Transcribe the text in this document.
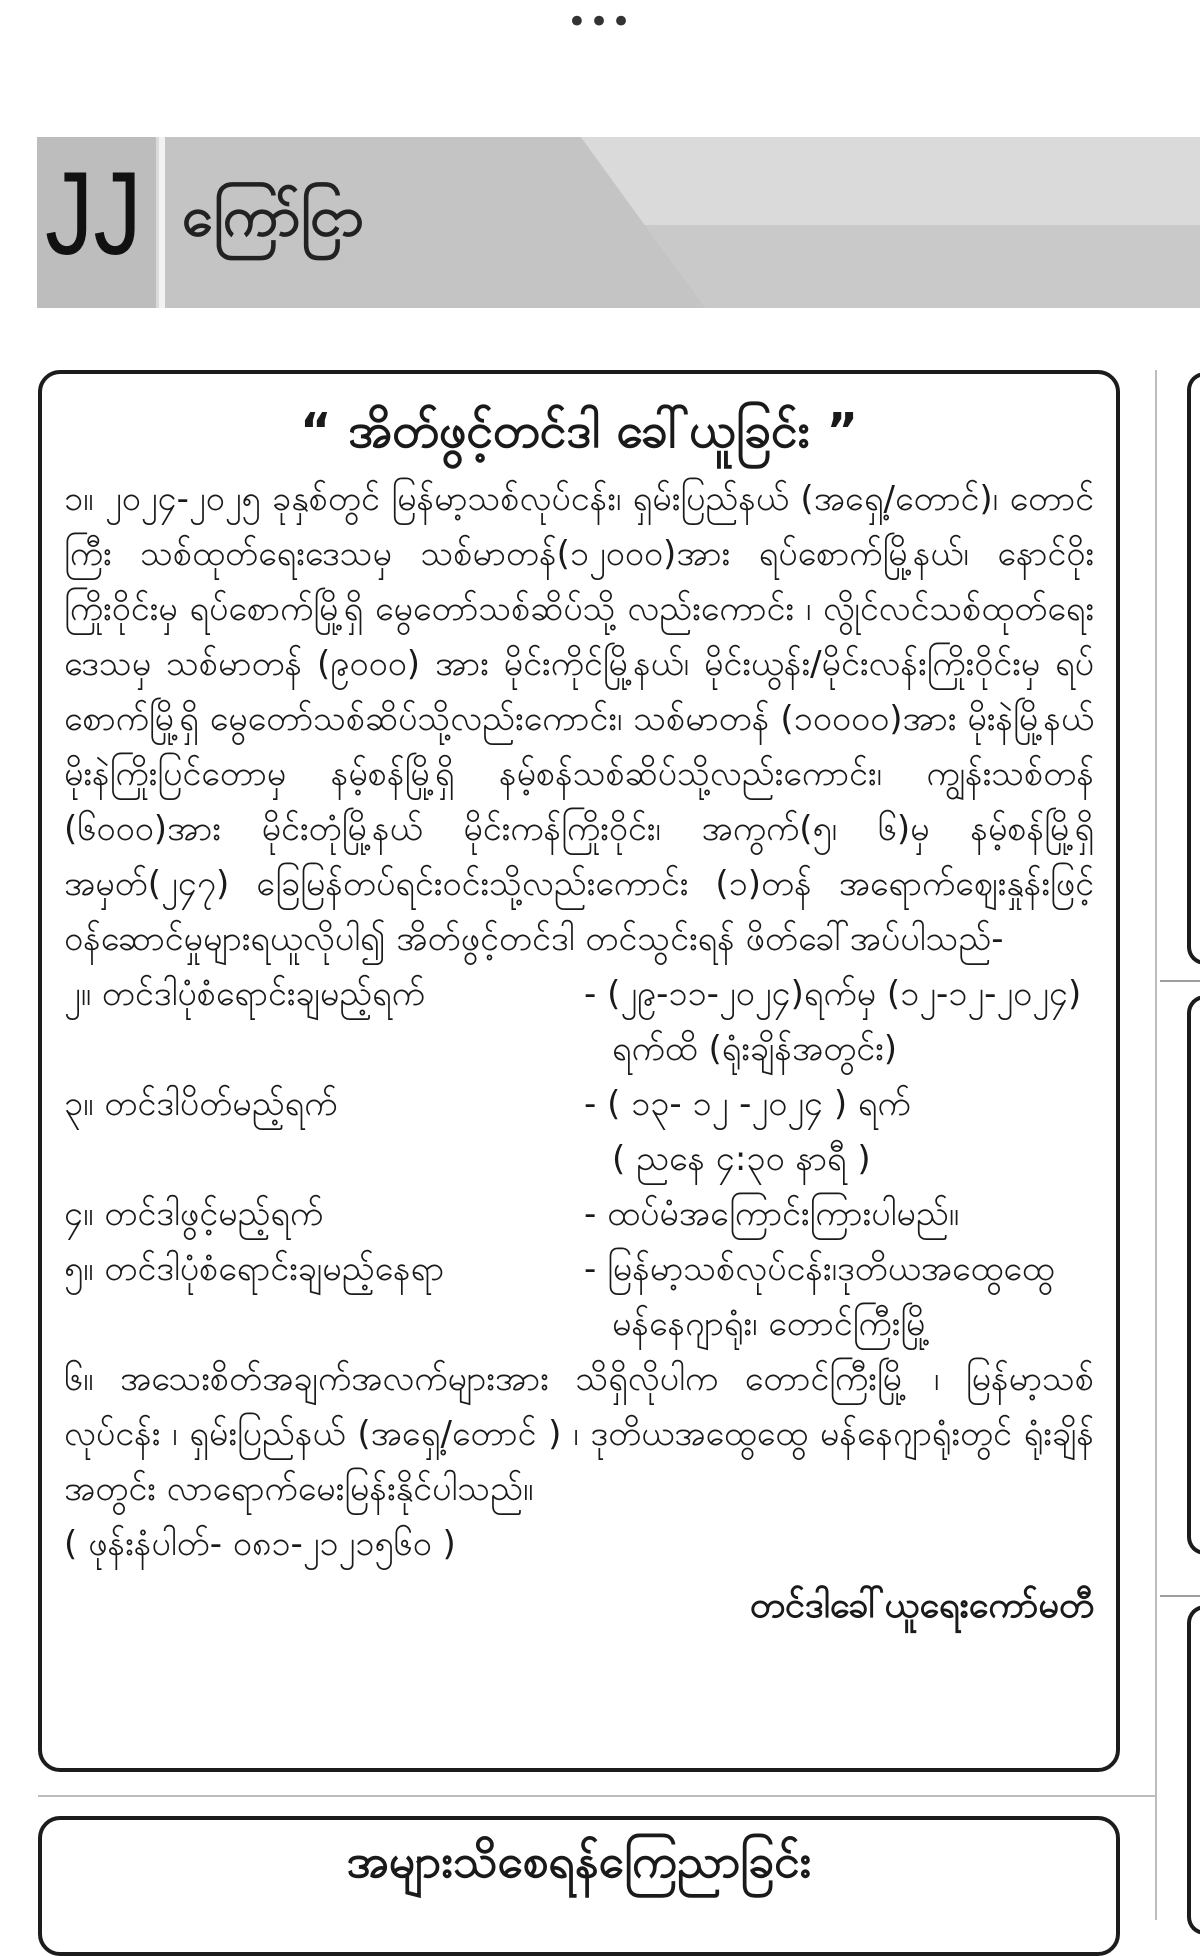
•••
JJ ကြော်ငြာ
“ အိတ်ဖွင့်တင်ဒါ ခေါ်ယူခြင်း ”

၁။ ၂၀၂၄-၂၀၂၅ ခုနှစ်တွင် မြန်မာ့သစ်လုပ်ငန်း၊ ရှမ်းပြည်နယ် (အရှေ့/တောင်)၊ တောင်ကြီး သစ်ထုတ်ရေးဒေသမှ သစ်မာတန်(၁၂၀၀၀)အား ရပ်စောက်မြို့နယ်၊ နောင်ဝိုးကြိုးဝိုင်းမှ ရပ်စောက်မြို့ရှိ မွေတော်သစ်ဆိပ်သို့ လည်းကောင်း ၊ လွိုင်လင်သစ်ထုတ်ရေးဒေသမှ သစ်မာတန် (၉၀၀၀) အား မိုင်းကိုင်မြို့နယ်၊ မိုင်းယွန်း/မိုင်းလန်းကြိုးဝိုင်းမှ ရပ်စောက်မြို့ရှိ မွေတော်သစ်ဆိပ်သို့လည်းကောင်း၊ သစ်မာတန် (၁၀၀၀၀)အား မိုးနဲမြို့နယ် မိုးနဲကြိုးပြင်တောမှ နမ့်စန်မြို့ရှိ နမ့်စန်သစ်ဆိပ်သို့လည်းကောင်း၊ ကျွန်းသစ်တန် (၆၀၀၀)အား မိုင်းတုံမြို့နယ် မိုင်းကန်ကြိုးဝိုင်း၊ အကွက်(၅၊ ၆)မှ နမ့်စန်မြို့ရှိ အမှတ်(၂၄၇) ခြေမြန်တပ်ရင်းဝင်းသို့လည်းကောင်း (၁)တန် အရောက်ဈေးနှုန်းဖြင့် ဝန်ဆောင်မှုများရယူလိုပါ၍ အိတ်ဖွင့်တင်ဒါ တင်သွင်းရန် ဖိတ်ခေါ်အပ်ပါသည်-

၂။ တင်ဒါပုံစံရောင်းချမည့်ရက်	- (၂၉-၁၁-၂၀၂၄)ရက်မှ (၁၂-၁၂-၂၀၂၄)
ရက်ထိ (ရုံးချိန်အတွင်း)
၃။ တင်ဒါပိတ်မည့်ရက်	- ( ၁၃- ၁၂ -၂၀၂၄ ) ရက်
( ညနေ ၄:၃၀ နာရီ )
၄။ တင်ဒါဖွင့်မည့်ရက်	- ထပ်မံအကြောင်းကြားပါမည်။
၅။ တင်ဒါပုံစံရောင်းချမည့်နေရာ	- မြန်မာ့သစ်လုပ်ငန်း၊ဒုတိယအထွေထွေ
မန်နေဂျာရုံး၊ တောင်ကြီးမြို့

၆။ အသေးစိတ်အချက်အလက်များအား သိရှိလိုပါက တောင်ကြီးမြို့ ၊ မြန်မာ့သစ်လုပ်ငန်း ၊ ရှမ်းပြည်နယ် (အရှေ့/တောင် ) ၊ ဒုတိယအထွေထွေ မန်နေဂျာရုံးတွင် ရုံးချိန်အတွင်း လာရောက်မေးမြန်းနိုင်ပါသည်။

( ဖုန်းနံပါတ်- ၀၈၁-၂၁၂၁၅၆၀ )

တင်ဒါခေါ်ယူရေးကော်မတီ
အများသိစေရန်ကြေညာခြင်း
